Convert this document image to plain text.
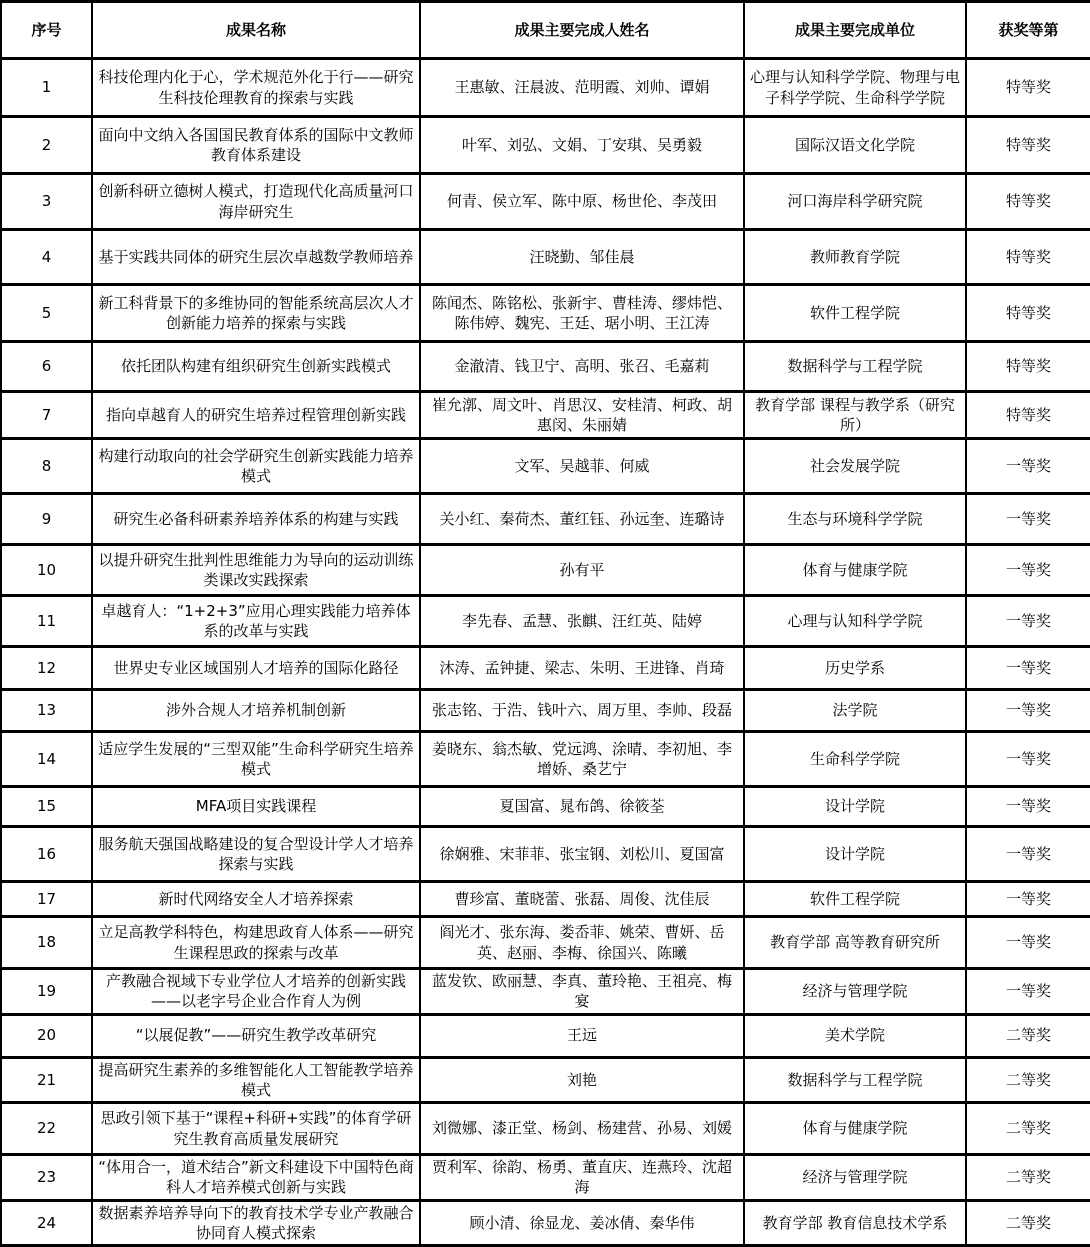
序号	成果名称	成果主要完成人姓名	成果主要完成单位	获奖等第
1	科技伦理内化于心，学术规范外化于行——研究生科技伦理教育的探索与实践	王惠敏、汪晨波、范明霞、刘帅、谭娟	心理与认知科学学院、物理与电子科学学院、生命科学学院	特等奖
2	面向中文纳入各国国民教育体系的国际中文教师教育体系建设	叶军、刘弘、文娟、丁安琪、吴勇毅	国际汉语文化学院	特等奖
3	创新科研立德树人模式，打造现代化高质量河口海岸研究生	何青、侯立军、陈中原、杨世伦、李茂田	河口海岸科学研究院	特等奖
4	基于实践共同体的研究生层次卓越数学教师培养	汪晓勤、邹佳晨	教师教育学院	特等奖
5	新工科背景下的多维协同的智能系统高层次人才创新能力培养的探索与实践	陈闻杰、陈铭松、张新宇、曹桂涛、缪炜恺、陈伟婷、魏宪、王廷、琚小明、王江涛	软件工程学院	特等奖
6	依托团队构建有组织研究生创新实践模式	金澈清、钱卫宁、高明、张召、毛嘉莉	数据科学与工程学院	特等奖
7	指向卓越育人的研究生培养过程管理创新实践	崔允漷、周文叶、肖思汉、安桂清、柯政、胡惠闵、朱丽婧	教育学部 课程与教学系（研究所）	特等奖
8	构建行动取向的社会学研究生创新实践能力培养模式	文军、吴越菲、何威	社会发展学院	一等奖
9	研究生必备科研素养培养体系的构建与实践	关小红、秦荷杰、董红钰、孙远奎、连璐诗	生态与环境科学学院	一等奖
10	以提升研究生批判性思维能力为导向的运动训练类课改实践探索	孙有平	体育与健康学院	一等奖
11	卓越育人：“1+2+3”应用心理实践能力培养体系的改革与实践	李先春、孟慧、张麒、汪红英、陆婷	心理与认知科学学院	一等奖
12	世界史专业区域国别人才培养的国际化路径	沐涛、孟钟捷、梁志、朱明、王进锋、肖琦	历史学系	一等奖
13	涉外合规人才培养机制创新	张志铭、于浩、钱叶六、周万里、李帅、段磊	法学院	一等奖
14	适应学生发展的“三型双能”生命科学研究生培养模式	姜晓东、翁杰敏、党远鸿、涂晴、李初旭、李增娇、桑艺宁	生命科学学院	一等奖
15	MFA项目实践课程	夏国富、晁布鸽、徐筱荃	设计学院	一等奖
16	服务航天强国战略建设的复合型设计学人才培养探索与实践	徐娴雅、宋菲菲、张宝钢、刘松川、夏国富	设计学院	一等奖
17	新时代网络安全人才培养探索	曹珍富、董晓蕾、张磊、周俊、沈佳辰	软件工程学院	一等奖
18	立足高教学科特色，构建思政育人体系——研究生课程思政的探索与改革	阎光才、张东海、娄岙菲、姚荣、曹妍、岳英、赵丽、李梅、徐国兴、陈曦	教育学部 高等教育研究所	一等奖
19	产教融合视域下专业学位人才培养的创新实践——以老字号企业合作育人为例	蓝发钦、欧丽慧、李真、董玲艳、王祖亮、梅宴	经济与管理学院	一等奖
20	“以展促教”——研究生教学改革研究	王远	美术学院	二等奖
21	提高研究生素养的多维智能化人工智能教学培养模式	刘艳	数据科学与工程学院	二等奖
22	思政引领下基于“课程+科研+实践”的体育学研究生教育高质量发展研究	刘微娜、漆正堂、杨剑、杨建营、孙易、刘媛	体育与健康学院	二等奖
23	“体用合一，道术结合”新文科建设下中国特色商科人才培养模式创新与实践	贾利军、徐韵、杨勇、董直庆、连燕玲、沈超海	经济与管理学院	二等奖
24	数据素养培养导向下的教育技术学专业产教融合协同育人模式探索	顾小清、徐显龙、姜冰倩、秦华伟	教育学部 教育信息技术学系	二等奖
